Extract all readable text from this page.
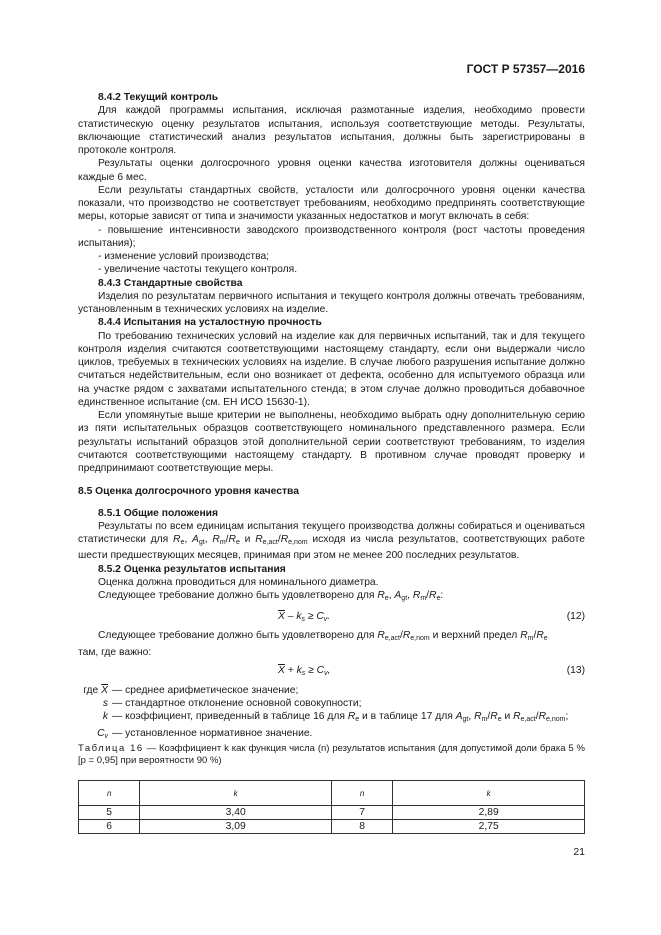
ГОСТ Р 57357—2016

8.4.2 Текущий контроль

Для каждой программы испытания, исключая размотанные изделия, необходимо провести статистическую оценку результатов испытания, используя соответствующие методы. Результаты, включающие статистический анализ результатов испытания, должны быть зарегистрированы в протоколе контроля.

Результаты оценки долгосрочного уровня оценки качества изготовителя должны оцениваться каждые 6 мес.

Если результаты стандартных свойств, усталости или долгосрочного уровня оценки качества показали, что производство не соответствует требованиям, необходимо предпринять соответствующие меры, которые зависят от типа и значимости указанных недостатков и могут включать в себя:

- повышение интенсивности заводского производственного контроля (рост частоты проведения испытания);

- изменение условий производства;

- увеличение частоты текущего контроля.

8.4.3 Стандартные свойства

Изделия по результатам первичного испытания и текущего контроля должны отвечать требованиям, установленным в технических условиях на изделие.

8.4.4 Испытания на усталостную прочность

По требованию технических условий на изделие как для первичных испытаний, так и для текущего контроля изделия считаются соответствующими настоящему стандарту, если они выдержали число циклов, требуемых в технических условиях на изделие. В случае любого разрушения испытание должно считаться недействительным, если оно возникает от дефекта, особенно для испытуемого образца или на участке рядом с захватами испытательного стенда; в этом случае должно проводиться добавочное единственное испытание (см. ЕН ИСО 15630-1).

Если упомянутые выше критерии не выполнены, необходимо выбрать одну дополнительную серию из пяти испытательных образцов соответствующего номинального представленного размера. Если результаты испытаний образцов этой дополнительной серии соответствуют требованиям, то изделия считаются соответствующими настоящему стандарту. В противном случае проводят проверку и предпринимают соответствующие меры.

8.5 Оценка долгосрочного уровня качества

8.5.1 Общие положения

Результаты по всем единицам испытания текущего производства должны собираться и оцениваться статистически для $R_e$, $A_{gt}$, $R_m/R_e$ и $R_{e,act}/R_{e,nom}$ исходя из числа результатов, соответствующих работе шести предшествующих месяцев, принимая при этом не менее 200 последних результатов.

8.5.2 Оценка результатов испытания

Оценка должна проводиться для номинального диаметра.

Следующее требование должно быть удовлетворено для $R_e$, $A_{gt}$, $R_m/R_e$:

$\overline{X} - k_s \ge C_v$.	(12)

Следующее требование должно быть удовлетворено для $R_{e,act}/R_{e,nom}$ и верхний предел $R_m/R_e$

там, где важно:

$\overline{X} + k_s \ge C_v$,	(13)
где $\overline{X}$ — среднее арифметическое значение;
s — стандартное отклонение основной совокупности;
k — коэффициент, приведенный в таблице 16 для $R_e$ и в таблице 17 для $A_{gt}$, $R_m/R_e$ и $R_{e,act}/R_{e,nom}$;
$C_v$ — установленное нормативное значение.

Таблица 16 — Коэффициент k как функция числа (n) результатов испытания (для допустимой доли брака 5 % [p = 0,95] при вероятности 90 %)

n	k	n	k
5	3,40	7	2,89
6	3,09	8	2,75
21
